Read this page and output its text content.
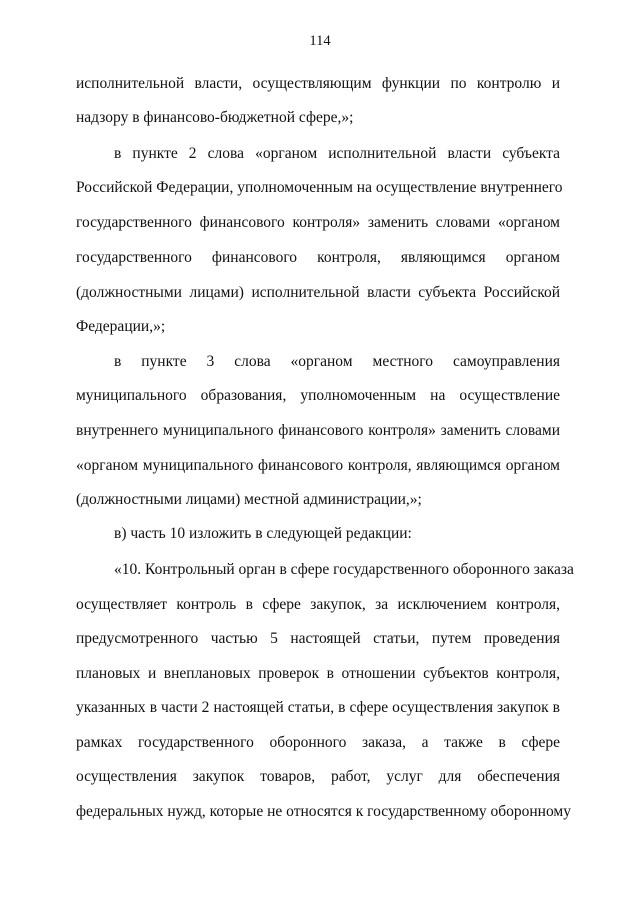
114
исполнительной власти, осуществляющим функции по контролю и
надзору в финансово-бюджетной сфере,»;
в пункте 2 слова «органом исполнительной власти субъекта
Российской Федерации, уполномоченным на осуществление внутреннего
государственного финансового контроля» заменить словами «органом
государственного финансового контроля, являющимся органом
(должностными лицами) исполнительной власти субъекта Российской
Федерации,»;
в пункте 3 слова «органом местного самоуправления
муниципального образования, уполномоченным на осуществление
внутреннего муниципального финансового контроля» заменить словами
«органом муниципального финансового контроля, являющимся органом
(должностными лицами) местной администрации,»;
в) часть 10 изложить в следующей редакции:
«10. Контрольный орган в сфере государственного оборонного заказа
осуществляет контроль в сфере закупок, за исключением контроля,
предусмотренного частью 5 настоящей статьи, путем проведения
плановых и внеплановых проверок в отношении субъектов контроля,
указанных в части 2 настоящей статьи, в сфере осуществления закупок в
рамках государственного оборонного заказа, а также в сфере
осуществления закупок товаров, работ, услуг для обеспечения
федеральных нужд, которые не относятся к государственному оборонному
